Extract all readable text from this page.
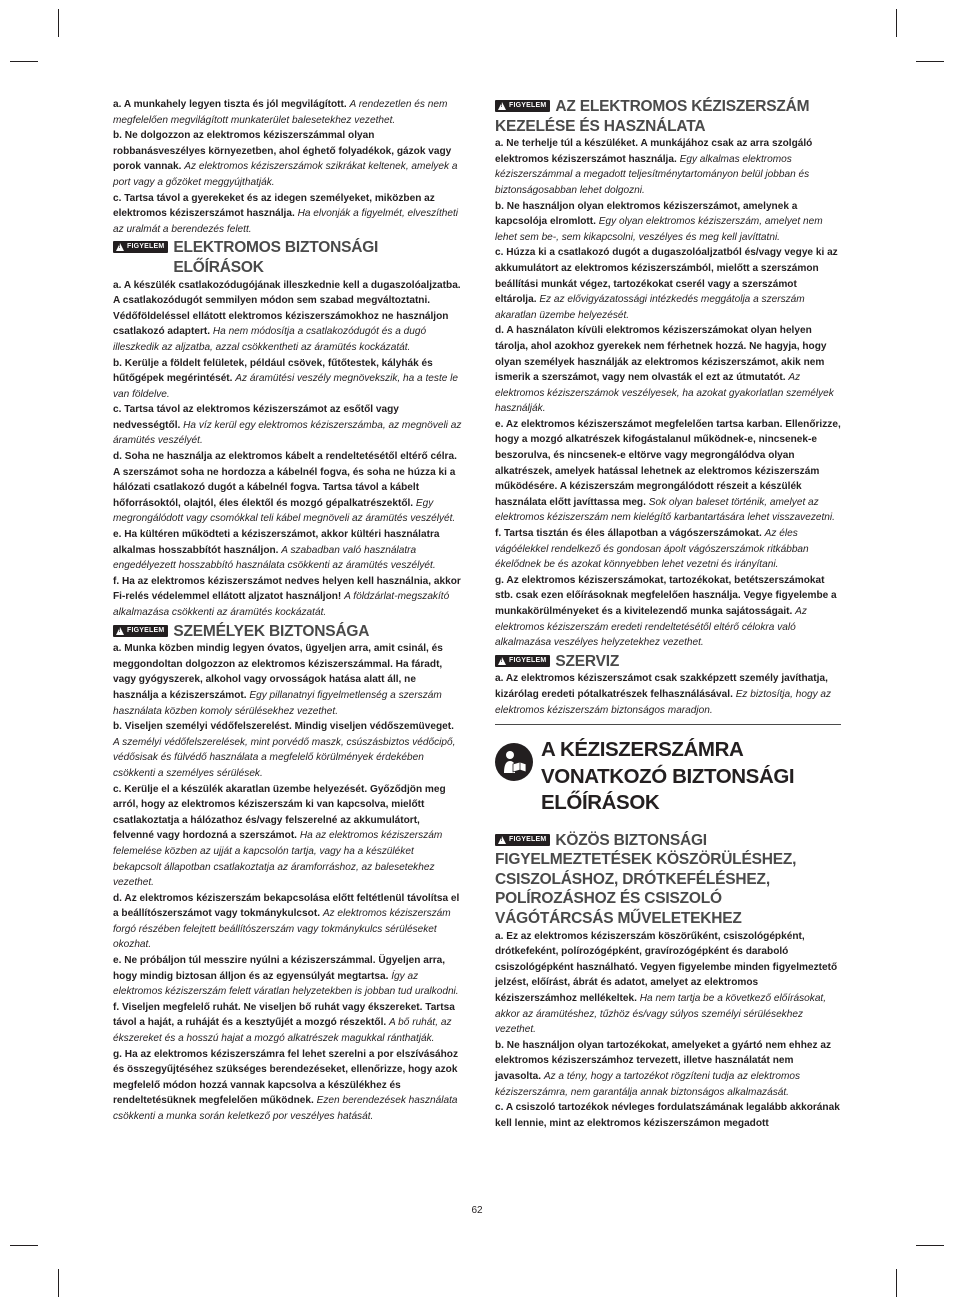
a. A munkahely legyen tiszta és jól megvilágított. A rendezetlen és nem megfelelően megvilágított munkaterület balesetekhez vezethet.

b. Ne dolgozzon az elektromos kéziszerszámmal olyan robbanásveszélyes környezetben, ahol éghető folyadékok, gázok vagy porok vannak. Az elektromos kéziszerszámok szikrákat keltenek, amelyek a port vagy a gőzöket meggyújthatják.

c. Tartsa távol a gyerekeket és az idegen személyeket, miközben az elektromos kéziszerszámot használja. Ha elvonják a figyelmét, elveszítheti az uralmát a berendezés felett.

!
FIGYELEM ELEKTROMOS BIZTONSÁGI ELŐÍRÁSOK

a. A készülék csatlakozódugójának illeszkednie kell a dugaszolóaljzatba. A csatlakozódugót semmilyen módon sem szabad megváltoztatni. Védőföldeléssel ellátott elektromos kéziszerszámokhoz ne használjon csatlakozó adaptert. Ha nem módosítja a csatlakozódugót és a dugó illeszkedik az aljzatba, azzal csökkentheti az áramütés kockázatát.

b. Kerülje a földelt felületek, például csövek, fűtőtestek, kályhák és hűtőgépek megérintését. Az áramütési veszély megnövekszik, ha a teste le van földelve.

c. Tartsa távol az elektromos kéziszerszámot az esőtől vagy nedvességtől. Ha víz kerül egy elektromos kéziszerszámba, az megnöveli az áramütés veszélyét.

d. Soha ne használja az elektromos kábelt a rendeltetésétől eltérő célra. A szerszámot soha ne hordozza a kábelnél fogva, és soha ne húzza ki a hálózati csatlakozó dugót a kábelnél fogva. Tartsa távol a kábelt hőforrásoktól, olajtól, éles élektől és mozgó gépalkatrészektől. Egy megrongálódott vagy csomókkal teli kábel megnöveli az áramütés veszélyét.

e. Ha kültéren működteti a kéziszerszámot, akkor kültéri használatra alkalmas hosszabbítót használjon. A szabadban való használatra engedélyezett hosszabbító használata csökkenti az áramütés veszélyét.

f. Ha az elektromos kéziszerszámot nedves helyen kell használnia, akkor Fi-relés védelemmel ellátott aljzatot használjon! A földzárlat-megszakító alkalmazása csökkenti az áramütés kockázatát.

!
FIGYELEM SZEMÉLYEK BIZTONSÁGA

a. Munka közben mindig legyen óvatos, ügyeljen arra, amit csinál, és meggondoltan dolgozzon az elektromos kéziszerszámmal. Ha fáradt, vagy gyógyszerek, alkohol vagy orvosságok hatása alatt áll, ne használja a kéziszerszámot. Egy pillanatnyi figyelmetlenség a szerszám használata közben komoly sérülésekhez vezethet.

b. Viseljen személyi védőfelszerelést. Mindig viseljen védőszemüveget. A személyi védőfelszerelések, mint porvédő maszk, csúszásbiztos védőcipő, védősisak és fülvédő használata a megfelelő körülmények érdekében csökkenti a személyes sérülések.

c. Kerülje el a készülék akaratlan üzembe helyezését. Győződjön meg arról, hogy az elektromos kéziszerszám ki van kapcsolva, mielőtt csatlakoztatja a hálózathoz és/vagy felszerelné az akkumulátort, felvenné vagy hordozná a szerszámot. Ha az elektromos kéziszerszám felemelése közben az ujját a kapcsolón tartja, vagy ha a készüléket bekapcsolt állapotban csatlakoztatja az áramforráshoz, az balesetekhez vezethet.

d. Az elektromos kéziszerszám bekapcsolása előtt feltétlenül távolítsa el a beállítószerszámot vagy tokmánykulcsot. Az elektromos kéziszerszám forgó részében felejtett beállítószerszám vagy tokmánykulcs sérüléseket okozhat.

e. Ne próbáljon túl messzire nyúlni a kéziszerszámmal. Ügyeljen arra, hogy mindig biztosan álljon és az egyensúlyát megtartsa. Így az elektromos kéziszerszám felett váratlan helyzetekben is jobban tud uralkodni.

f. Viseljen megfelelő ruhát. Ne viseljen bő ruhát vagy ékszereket. Tartsa távol a haját, a ruháját és a kesztyűjét a mozgó részektől. A bő ruhát, az ékszereket és a hosszú hajat a mozgó alkatrészek magukkal ránthatják.

g. Ha az elektromos kéziszerszámra fel lehet szerelni a por elszívásához és összegyűjtéséhez szükséges berendezéseket, ellenőrizze, hogy azok megfelelő módon hozzá vannak kapcsolva a készülékhez és rendeltetésüknek megfelelően működnek. Ezen berendezések használata csökkenti a munka során keletkező por veszélyes hatását.

!
FIGYELEM AZ ELEKTROMOS KÉZISZERSZÁM KEZELÉSE ÉS HASZNÁLATA

a. Ne terhelje túl a készüléket. A munkájához csak az arra szolgáló elektromos kéziszerszámot használja. Egy alkalmas elektromos kéziszerszámmal a megadott teljesítménytartományon belül jobban és biztonságosabban lehet dolgozni.

b. Ne használjon olyan elektromos kéziszerszámot, amelynek a kapcsolója elromlott. Egy olyan elektromos kéziszerszám, amelyet nem lehet sem be-, sem kikapcsolni, veszélyes és meg kell javíttatni.

c. Húzza ki a csatlakozó dugót a dugaszolóaljzatból és/vagy vegye ki az akkumulátort az elektromos kéziszerszámból, mielőtt a szerszámon beállítási munkát végez, tartozékokat cserél vagy a szerszámot eltárolja. Ez az elővigyázatossági intézkedés meggátolja a szerszám akaratlan üzembe helyezését.

d. A használaton kívüli elektromos kéziszerszámokat olyan helyen tárolja, ahol azokhoz gyerekek nem férhetnek hozzá. Ne hagyja, hogy olyan személyek használják az elektromos kéziszerszámot, akik nem ismerik a szerszámot, vagy nem olvasták el ezt az útmutatót. Az elektromos kéziszerszámok veszélyesek, ha azokat gyakorlatlan személyek használják.

e. Az elektromos kéziszerszámot megfelelően tartsa karban. Ellenőrizze, hogy a mozgó alkatrészek kifogástalanul működnek-e, nincsenek-e beszorulva, és nincsenek-e eltörve vagy megrongálódva olyan alkatrészek, amelyek hatással lehetnek az elektromos kéziszerszám működésére. A kéziszerszám megrongálódott részeit a készülék használata előtt javíttassa meg. Sok olyan baleset történik, amelyet az elektromos kéziszerszám nem kielégítő karbantartására lehet visszavezetni.

f. Tartsa tisztán és éles állapotban a vágószerszámokat. Az éles vágóélekkel rendelkező és gondosan ápolt vágószerszámok ritkábban ékelődnek be és azokat könnyebben lehet vezetni és irányítani.

g. Az elektromos kéziszerszámokat, tartozékokat, betétszerszámokat stb. csak ezen előírásoknak megfelelően használja. Vegye figyelembe a munkakörülményeket és a kivitelezendő munka sajátosságait. Az elektromos kéziszerszám eredeti rendeltetésétől eltérő célokra való alkalmazása veszélyes helyzetekhez vezethet.

!
FIGYELEM SZERVIZ

a. Az elektromos kéziszerszámot csak szakképzett személy javíthatja, kizárólag eredeti pótalkatrészek felhasználásával. Ez biztosítja, hogy az elektromos kéziszerszám biztonságos maradjon.

A KÉZISZERSZÁMRA
VONATKOZÓ BIZTONSÁGI
ELŐÍRÁSOK
!
FIGYELEM KÖZÖS BIZTONSÁGI FIGYELMEZTETÉSEK KÖSZÖRÜLÉSHEZ, CSISZOLÁSHOZ, DRÓTKEFÉLÉSHEZ, POLÍROZÁSHOZ ÉS CSISZOLÓ VÁGÓTÁRCSÁS MŰVELETEKHEZ

a. Ez az elektromos kéziszerszám köszörűként, csiszológépként, drótkefeként, polírozógépként, gravírozógépként és daraboló csiszológépként használható. Vegyen figyelembe minden figyelmeztető jelzést, előírást, ábrát és adatot, amelyet az elektromos kéziszerszámhoz mellékeltek. Ha nem tartja be a következő előírásokat, akkor az áramütéshez, tűzhöz és/vagy súlyos személyi sérülésekhez vezethet.

b. Ne használjon olyan tartozékokat, amelyeket a gyártó nem ehhez az elektromos kéziszerszámhoz tervezett, illetve használatát nem javasolta. Az a tény, hogy a tartozékot rögzíteni tudja az elektromos kéziszerszámra, nem garantálja annak biztonságos alkalmazását.

c. A csiszoló tartozékok névleges fordulatszámának legalább akkorának kell lennie, mint az elektromos kéziszerszámon megadott

62
